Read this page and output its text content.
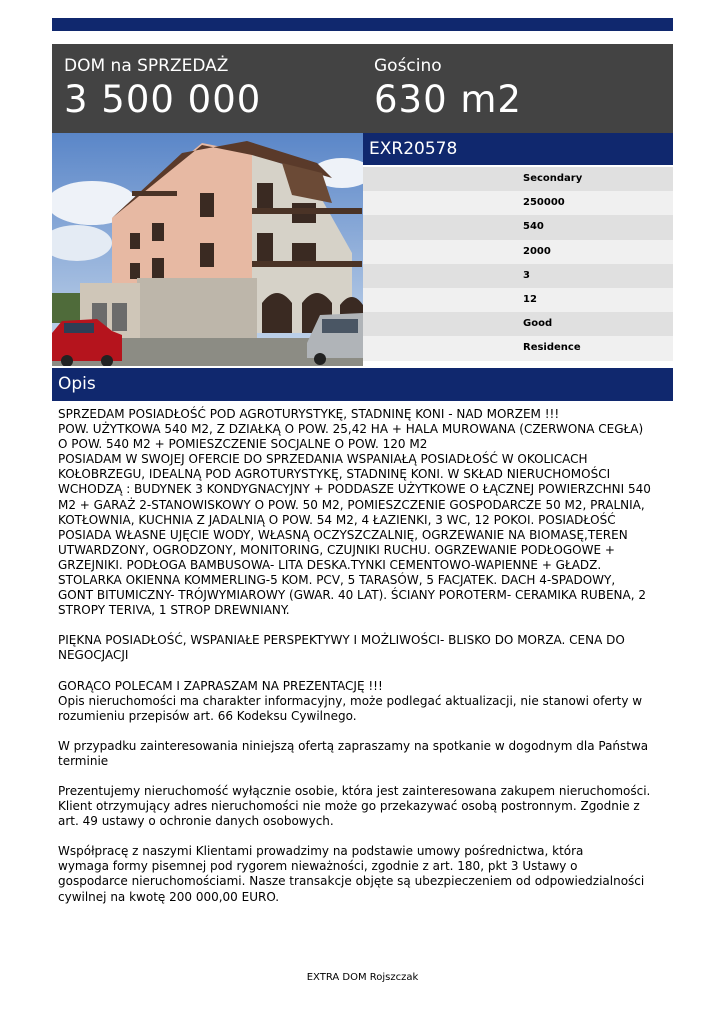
DOM na SPRZEDAŻ
3 500 000
Gościno
630 m2
EXR20578
Secondary
250000
540
2000
3
12
Good
Residence
Opis

SPRZEDAM POSIADŁOŚĆ POD AGROTURYSTYKĘ, STADNINĘ KONI - NAD MORZEM !!!
POW. UŻYTKOWA 540 M2, Z DZIAŁKĄ O POW. 25,42 HA + HALA MUROWANA (CZERWONA CEGŁA)
O POW. 540 M2 + POMIESZCZENIE SOCJALNE O POW. 120 M2
POSIADAM W SWOJEJ OFERCIE DO SPRZEDANIA WSPANIAŁĄ POSIADŁOŚĆ W OKOLICACH
KOŁOBRZEGU, IDEALNĄ POD AGROTURYSTYKĘ, STADNINĘ KONI. W SKŁAD NIERUCHOMOŚCI
WCHODZĄ : BUDYNEK 3 KONDYGNACYJNY + PODDASZE UŻYTKOWE O ŁĄCZNEJ POWIERZCHNI 540
M2 + GARAŻ 2-STANOWISKOWY O POW. 50 M2, POMIESZCZENIE GOSPODARCZE 50 M2, PRALNIA,
KOTŁOWNIA, KUCHNIA Z JADALNIĄ O POW. 54 M2, 4 ŁAZIENKI, 3 WC, 12 POKOI. POSIADŁOŚĆ
POSIADA WŁASNE UJĘCIE WODY, WŁASNĄ OCZYSZCZALNIĘ, OGRZEWANIE NA BIOMASĘ,TEREN
UTWARDZONY, OGRODZONY, MONITORING, CZUJNIKI RUCHU. OGRZEWANIE PODŁOGOWE +
GRZEJNIKI. PODŁOGA BAMBUSOWA- LITA DESKA.TYNKI CEMENTOWO-WAPIENNE + GŁADZ.
STOLARKA OKIENNA KOMMERLING-5 KOM. PCV, 5 TARASÓW, 5 FACJATEK. DACH 4-SPADOWY,
GONT BITUMICZNY- TRÓJWYMIAROWY (GWAR. 40 LAT). ŚCIANY POROTERM- CERAMIKA RUBENA, 2
STROPY TERIVA, 1 STROP DREWNIANY.

PIĘKNA POSIADŁOŚĆ, WSPANIAŁE PERSPEKTYWY I MOŻLIWOŚCI- BLISKO DO MORZA. CENA DO
NEGOCJACJI

GORĄCO POLECAM I ZAPRASZAM NA PREZENTACJĘ !!!
Opis nieruchomości ma charakter informacyjny, może podlegać aktualizacji, nie stanowi oferty w
rozumieniu przepisów art. 66 Kodeksu Cywilnego.

W przypadku zainteresowania niniejszą ofertą zapraszamy na spotkanie w dogodnym dla Państwa
terminie

Prezentujemy nieruchomość wyłącznie osobie, która jest zainteresowana zakupem nieruchomości.
Klient otrzymujący adres nieruchomości nie może go przekazywać osobą postronnym. Zgodnie z
art. 49 ustawy o ochronie danych osobowych.

Współpracę z naszymi Klientami prowadzimy na podstawie umowy pośrednictwa, która
wymaga formy pisemnej pod rygorem nieważności, zgodnie z art. 180, pkt 3 Ustawy o
gospodarce nieruchomościami. Nasze transakcje objęte są ubezpieczeniem od odpowiedzialności
cywilnej na kwotę 200 000,00 EURO.

EXTRA DOM Rojszczak
